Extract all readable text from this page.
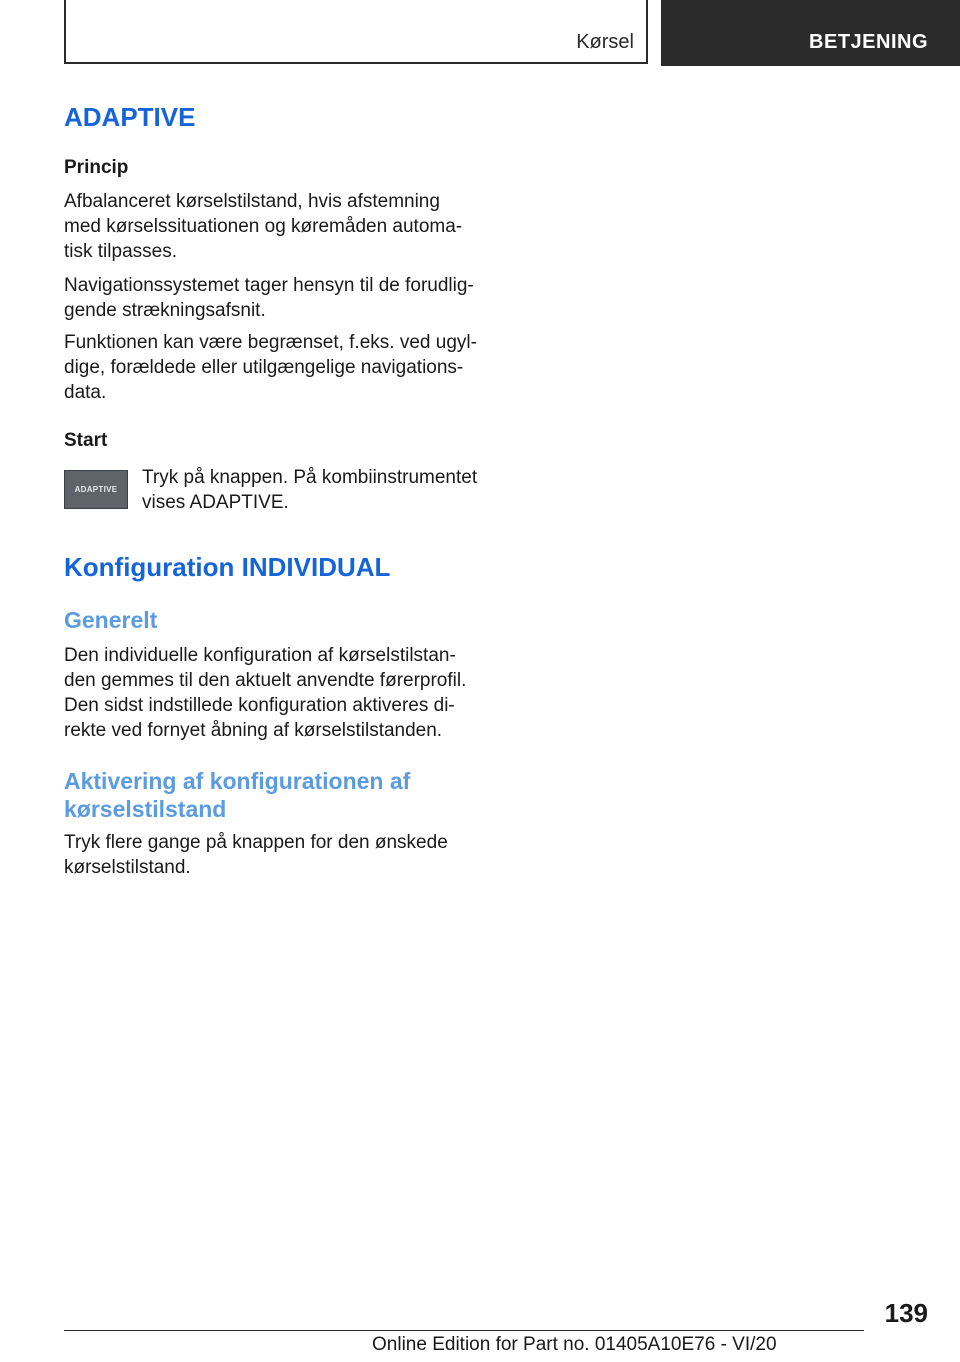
Kørsel	BETJENING
ADAPTIVE
Princip

Afbalanceret kørselstilstand, hvis afstemning

med kørselssituationen og køremåden automa-

tisk tilpasses.

Navigationssystemet tager hensyn til de forudlig-

gende strækningsafsnit.

Funktionen kan være begrænset, f.eks. ved ugyl-

dige, forældede eller utilgængelige navigations-

data.

Start
ADAPTIVE

Tryk på knappen. På kombiinstrumentet

vises ADAPTIVE.

Konfiguration INDIVIDUAL
Generelt

Den individuelle konfiguration af kørselstilstan-

den gemmes til den aktuelt anvendte førerprofil.

Den sidst indstillede konfiguration aktiveres di-

rekte ved fornyet åbning af kørselstilstanden.

Aktivering af konfigurationen af
kørselstilstand

Tryk flere gange på knappen for den ønskede

kørselstilstand.

139
Online Edition for Part no. 01405A10E76 - VI/20
